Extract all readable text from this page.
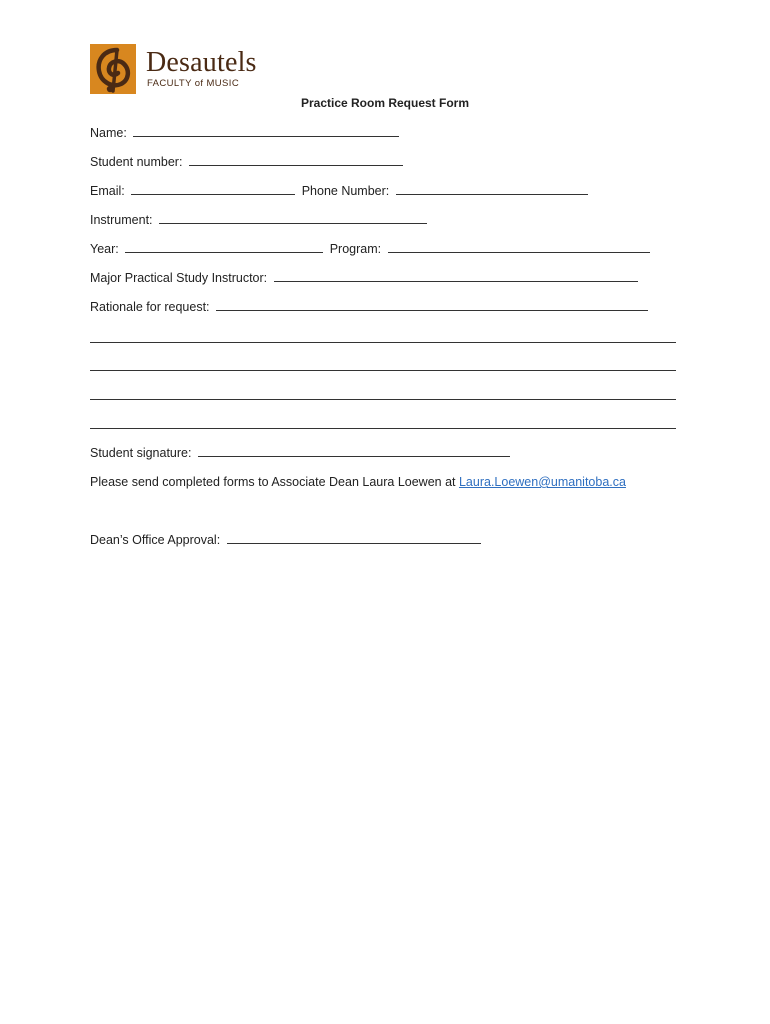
Desautels
FACULTY of MUSIC
Practice Room Request Form
Name:
Student number:
Email:	Phone Number:
Instrument:
Year:	Program:
Major Practical Study Instructor:
Rationale for request:
Student signature:
Please send completed forms to Associate Dean Laura Loewen at Laura.Loewen@umanitoba.ca
Dean’s Office Approval:
